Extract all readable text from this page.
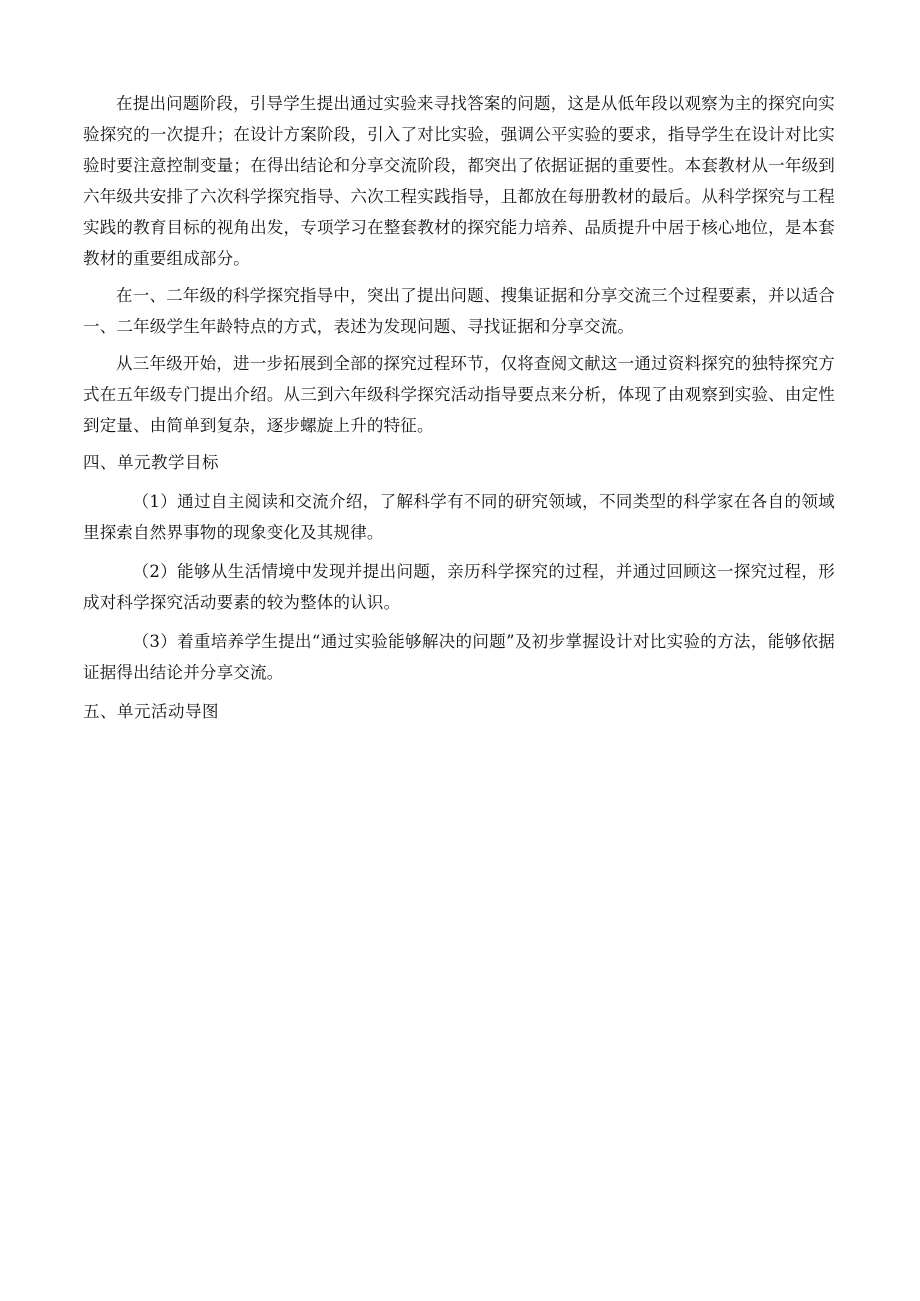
在提出问题阶段，引导学生提出通过实验来寻找答案的问题，这是从低年段以观察为主的探究向实验探究的一次提升；在设计方案阶段，引入了对比实验，强调公平实验的要求，指导学生在设计对比实验时要注意控制变量；在得出结论和分享交流阶段，都突出了依据证据的重要性。本套教材从一年级到六年级共安排了六次科学探究指导、六次工程实践指导，且都放在每册教材的最后。从科学探究与工程实践的教育目标的视角出发，专项学习在整套教材的探究能力培养、品质提升中居于核心地位，是本套教材的重要组成部分。

在一、二年级的科学探究指导中，突出了提出问题、搜集证据和分享交流三个过程要素，并以适合一、二年级学生年龄特点的方式，表述为发现问题、寻找证据和分享交流。

从三年级开始，进一步拓展到全部的探究过程环节，仅将查阅文献这一通过资料探究的独特探究方式在五年级专门提出介绍。从三到六年级科学探究活动指导要点来分析，体现了由观察到实验、由定性到定量、由简单到复杂，逐步螺旋上升的特征。

四、单元教学目标

（1）通过自主阅读和交流介绍，了解科学有不同的研究领域，不同类型的科学家在各自的领域里探索自然界事物的现象变化及其规律。

（2）能够从生活情境中发现并提出问题，亲历科学探究的过程，并通过回顾这一探究过程，形成对科学探究活动要素的较为整体的认识。

（3）着重培养学生提出“通过实验能够解决的问题”及初步掌握设计对比实验的方法，能够依据证据得出结论并分享交流。

五、单元活动导图
